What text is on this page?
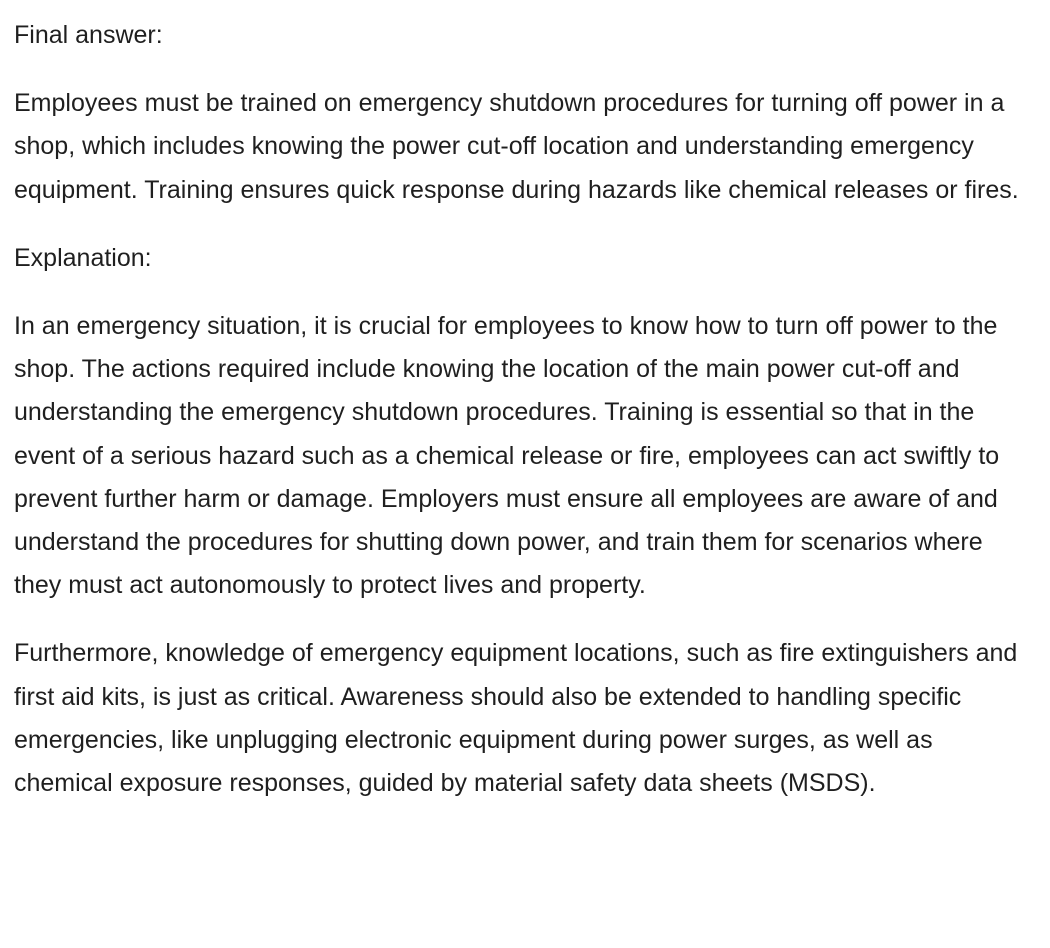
Final answer:

Employees must be trained on emergency shutdown procedures for turning off power in a shop, which includes knowing the power cut-off location and understanding emergency equipment. Training ensures quick response during hazards like chemical releases or fires.

Explanation:

In an emergency situation, it is crucial for employees to know how to turn off power to the shop. The actions required include knowing the location of the main power cut-off and understanding the emergency shutdown procedures. Training is essential so that in the event of a serious hazard such as a chemical release or fire, employees can act swiftly to prevent further harm or damage. Employers must ensure all employees are aware of and understand the procedures for shutting down power, and train them for scenarios where they must act autonomously to protect lives and property.

Furthermore, knowledge of emergency equipment locations, such as fire extinguishers and first aid kits, is just as critical. Awareness should also be extended to handling specific emergencies, like unplugging electronic equipment during power surges, as well as chemical exposure responses, guided by material safety data sheets (MSDS).
